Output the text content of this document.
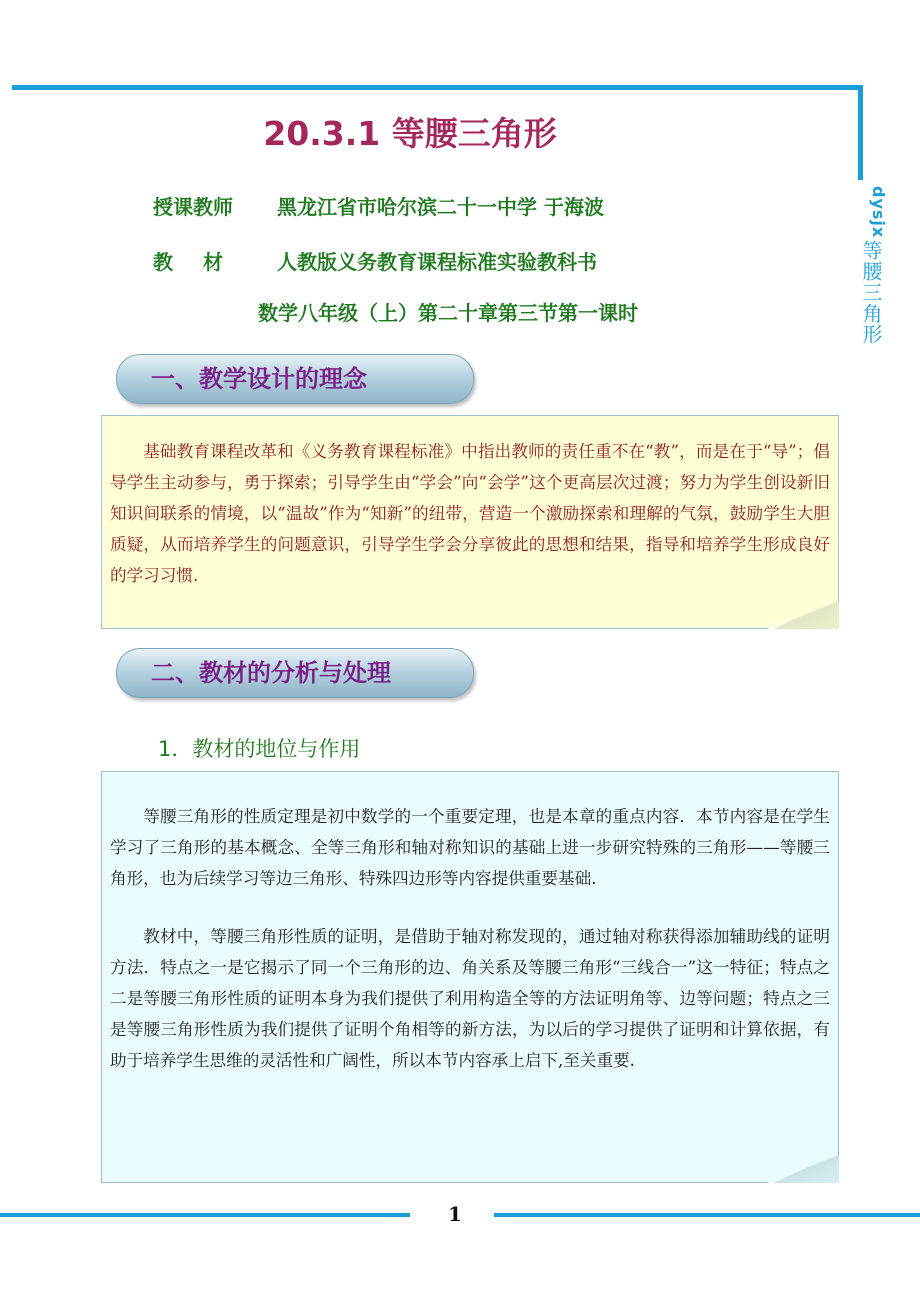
1
dysjx
等腰三角形
20.3.1 等腰三角形
授课教师	黑龙江省市哈尔滨二十一中学 于海波
教材	人教版义务教育课程标准实验教科书
数学八年级（上）第二十章第三节第一课时
一、教学设计的理念

基础教育课程改革和《义务教育课程标准》中指出教师的责任重不在“教”，而是在于“导”；倡导学生主动参与，勇于探索；引导学生由“学会”向“会学”这个更高层次过渡；努力为学生创设新旧知识间联系的情境，以“温故”作为“知新”的纽带，营造一个激励探索和理解的气氛，鼓励学生大胆质疑，从而培养学生的问题意识，引导学生学会分享彼此的思想和结果，指导和培养学生形成良好的学习习惯.

二、教材的分析与处理
1．教材的地位与作用

等腰三角形的性质定理是初中数学的一个重要定理，也是本章的重点内容．本节内容是在学生学习了三角形的基本概念、全等三角形和轴对称知识的基础上进一步研究特殊的三角形——等腰三角形，也为后续学习等边三角形、特殊四边形等内容提供重要基础.

教材中，等腰三角形性质的证明，是借助于轴对称发现的，通过轴对称获得添加辅助线的证明方法．特点之一是它揭示了同一个三角形的边、角关系及等腰三角形“三线合一”这一特征；特点之二是等腰三角形性质的证明本身为我们提供了利用构造全等的方法证明角等、边等问题；特点之三是等腰三角形性质为我们提供了证明个角相等的新方法，为以后的学习提供了证明和计算依据，有助于培养学生思维的灵活性和广阔性，所以本节内容承上启下,至关重要.
